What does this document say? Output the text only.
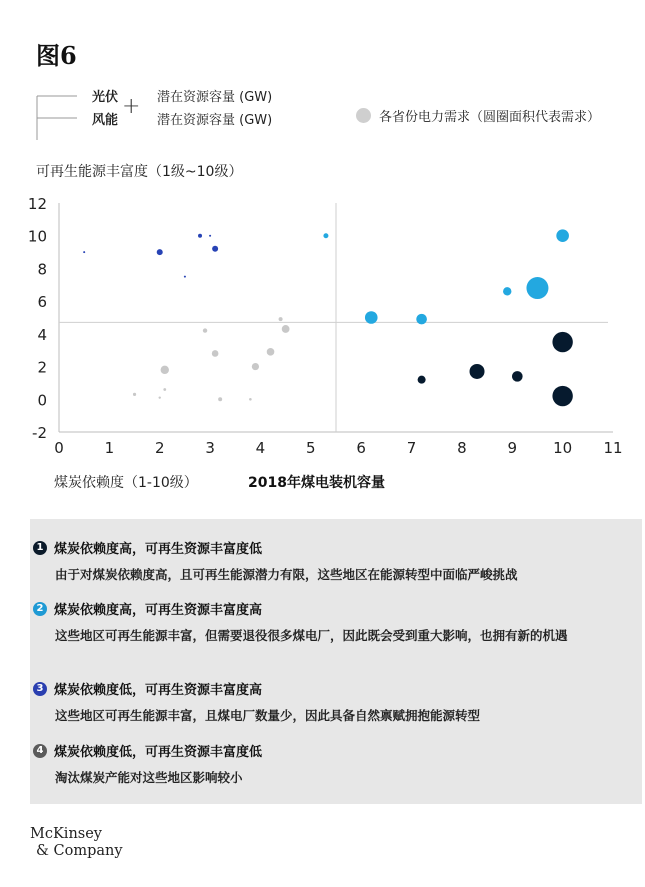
图6
光伏
风能
+ 潜在资源容量 (GW)
潜在资源容量 (GW)	各省份电力需求（圆圈面积代表需求）
可再生能源丰富度（1级~10级）
12
10
8
6
4
2
0
-2
0	1	2	3	4	5	6	7	8	9 10 11
煤炭依赖度（1-10级）	2018年煤电装机容量
1 煤炭依赖度高，可再生资源丰富度低
由于对煤炭依赖度高，且可再生能源潜力有限，这些地区在能源转型中面临严峻挑战
2 煤炭依赖度高，可再生资源丰富度高
这些地区可再生能源丰富，但需要退役很多煤电厂，因此既会受到重大影响，也拥有新的机遇
3 煤炭依赖度低，可再生资源丰富度高
这些地区可再生能源丰富，且煤电厂数量少，因此具备自然禀赋拥抱能源转型
4 煤炭依赖度低，可再生资源丰富度低
淘汰煤炭产能对这些地区影响较小
McKinsey
& Company
